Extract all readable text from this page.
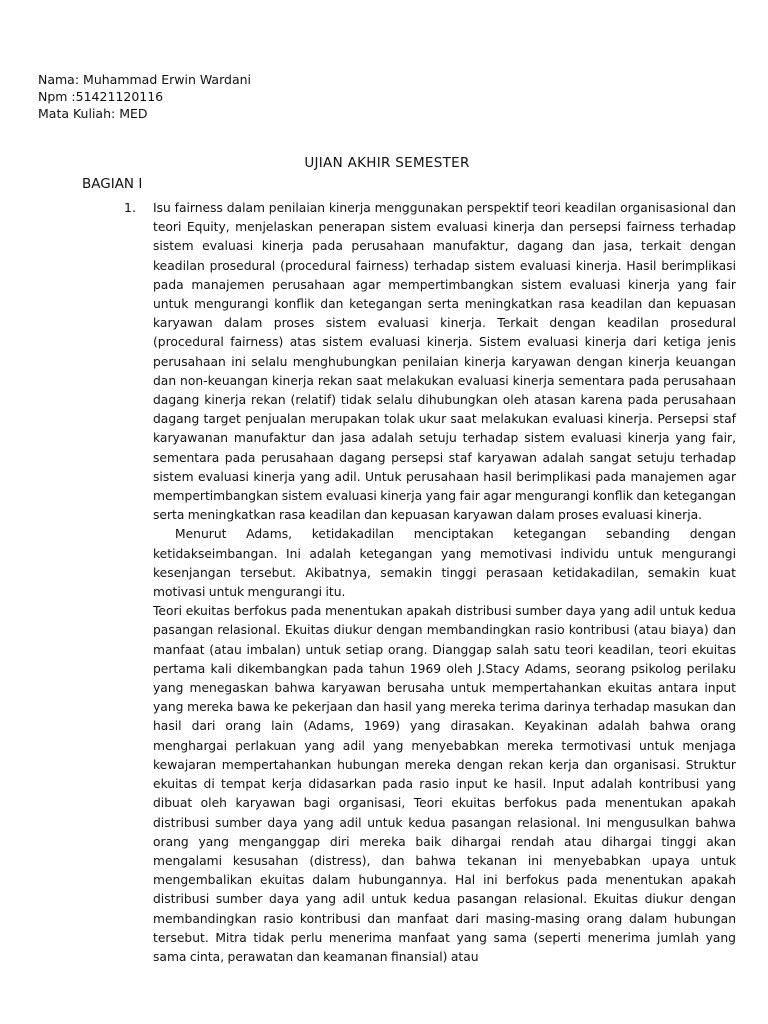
Nama: Muhammad Erwin Wardani
Npm :51421120116
Mata Kuliah: MED
UJIAN AKHIR SEMESTER
BAGIAN I
1. Isu fairness dalam penilaian kinerja menggunakan perspektif teori keadilan organisasional dan teori Equity, menjelaskan penerapan sistem evaluasi kinerja dan persepsi fairness terhadap sistem evaluasi kinerja pada perusahaan manufaktur, dagang dan jasa, terkait dengan keadilan prosedural (procedural fairness) terhadap sistem evaluasi kinerja. Hasil berimplikasi pada manajemen perusahaan agar mempertimbangkan sistem evaluasi kinerja yang fair untuk mengurangi konflik dan ketegangan serta meningkatkan rasa keadilan dan kepuasan karyawan dalam proses sistem evaluasi kinerja. Terkait dengan keadilan prosedural (procedural fairness) atas sistem evaluasi kinerja. Sistem evaluasi kinerja dari ketiga jenis perusahaan ini selalu menghubungkan penilaian kinerja karyawan dengan kinerja keuangan dan non-keuangan kinerja rekan saat melakukan evaluasi kinerja sementara pada perusahaan dagang kinerja rekan (relatif) tidak selalu dihubungkan oleh atasan karena pada perusahaan dagang target penjualan merupakan tolak ukur saat melakukan evaluasi kinerja. Persepsi staf karyawanan manufaktur dan jasa adalah setuju terhadap sistem evaluasi kinerja yang fair, sementara pada perusahaan dagang persepsi staf karyawan adalah sangat setuju terhadap sistem evaluasi kinerja yang adil. Untuk perusahaan hasil berimplikasi pada manajemen agar mempertimbangkan sistem evaluasi kinerja yang fair agar mengurangi konflik dan ketegangan serta meningkatkan rasa keadilan dan kepuasan karyawan dalam proses evaluasi kinerja.

Menurut Adams, ketidakadilan menciptakan ketegangan sebanding dengan ketidakseimbangan. Ini adalah ketegangan yang memotivasi individu untuk mengurangi kesenjangan tersebut. Akibatnya, semakin tinggi perasaan ketidakadilan, semakin kuat motivasi untuk mengurangi itu.

Teori ekuitas berfokus pada menentukan apakah distribusi sumber daya yang adil untuk kedua pasangan relasional. Ekuitas diukur dengan membandingkan rasio kontribusi (atau biaya) dan manfaat (atau imbalan) untuk setiap orang. Dianggap salah satu teori keadilan, teori ekuitas pertama kali dikembangkan pada tahun 1969 oleh J.Stacy Adams, seorang psikolog perilaku yang menegaskan bahwa karyawan berusaha untuk mempertahankan ekuitas antara input yang mereka bawa ke pekerjaan dan hasil yang mereka terima darinya terhadap masukan dan hasil dari orang lain (Adams, 1969) yang dirasakan. Keyakinan adalah bahwa orang menghargai perlakuan yang adil yang menyebabkan mereka termotivasi untuk menjaga kewajaran mempertahankan hubungan mereka dengan rekan kerja dan organisasi. Struktur ekuitas di tempat kerja didasarkan pada rasio input ke hasil. Input adalah kontribusi yang dibuat oleh karyawan bagi organisasi, Teori ekuitas berfokus pada menentukan apakah distribusi sumber daya yang adil untuk kedua pasangan relasional. Ini mengusulkan bahwa orang yang menganggap diri mereka baik dihargai rendah atau dihargai tinggi akan mengalami kesusahan (distress), dan bahwa tekanan ini menyebabkan upaya untuk mengembalikan ekuitas dalam hubungannya. Hal ini berfokus pada menentukan apakah distribusi sumber daya yang adil untuk kedua pasangan relasional. Ekuitas diukur dengan membandingkan rasio kontribusi dan manfaat dari masing-masing orang dalam hubungan tersebut. Mitra tidak perlu menerima manfaat yang sama (seperti menerima jumlah yang sama cinta, perawatan dan keamanan finansial) atau
